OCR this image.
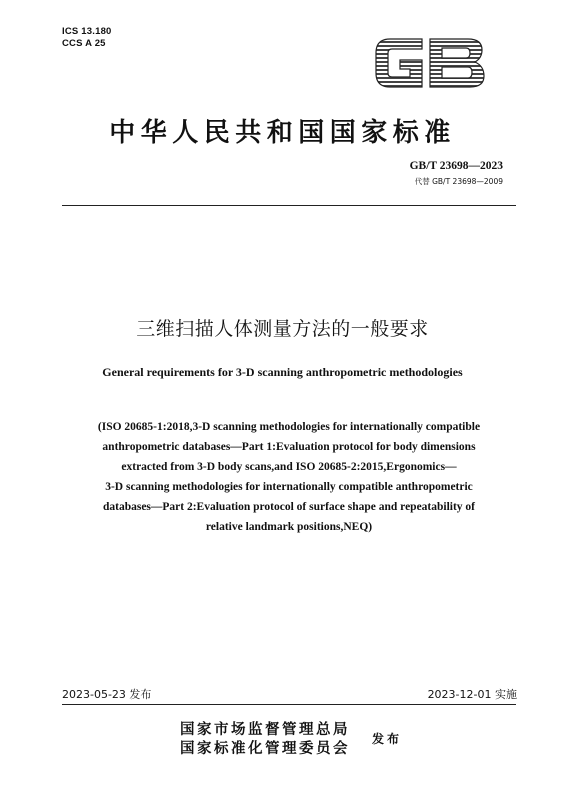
ICS 13.180
CCS A 25
中华人民共和国国家标准
GB/T 23698—2023
代替 GB/T 23698—2009
三维扫描人体测量方法的一般要求
General requirements for 3-D scanning anthropometric methodologies
(ISO 20685-1:2018,3-D scanning methodologies for internationally compatible
anthropometric databases—Part 1:Evaluation protocol for body dimensions
extracted from 3-D body scans,and ISO 20685-2:2015,Ergonomics—
3-D scanning methodologies for internationally compatible anthropometric
databases—Part 2:Evaluation protocol of surface shape and repeatability of
relative landmark positions,NEQ)
2023-05-23 发布	2023-12-01 实施
国家市场监督管理总局
国家标准化管理委员会
发布
